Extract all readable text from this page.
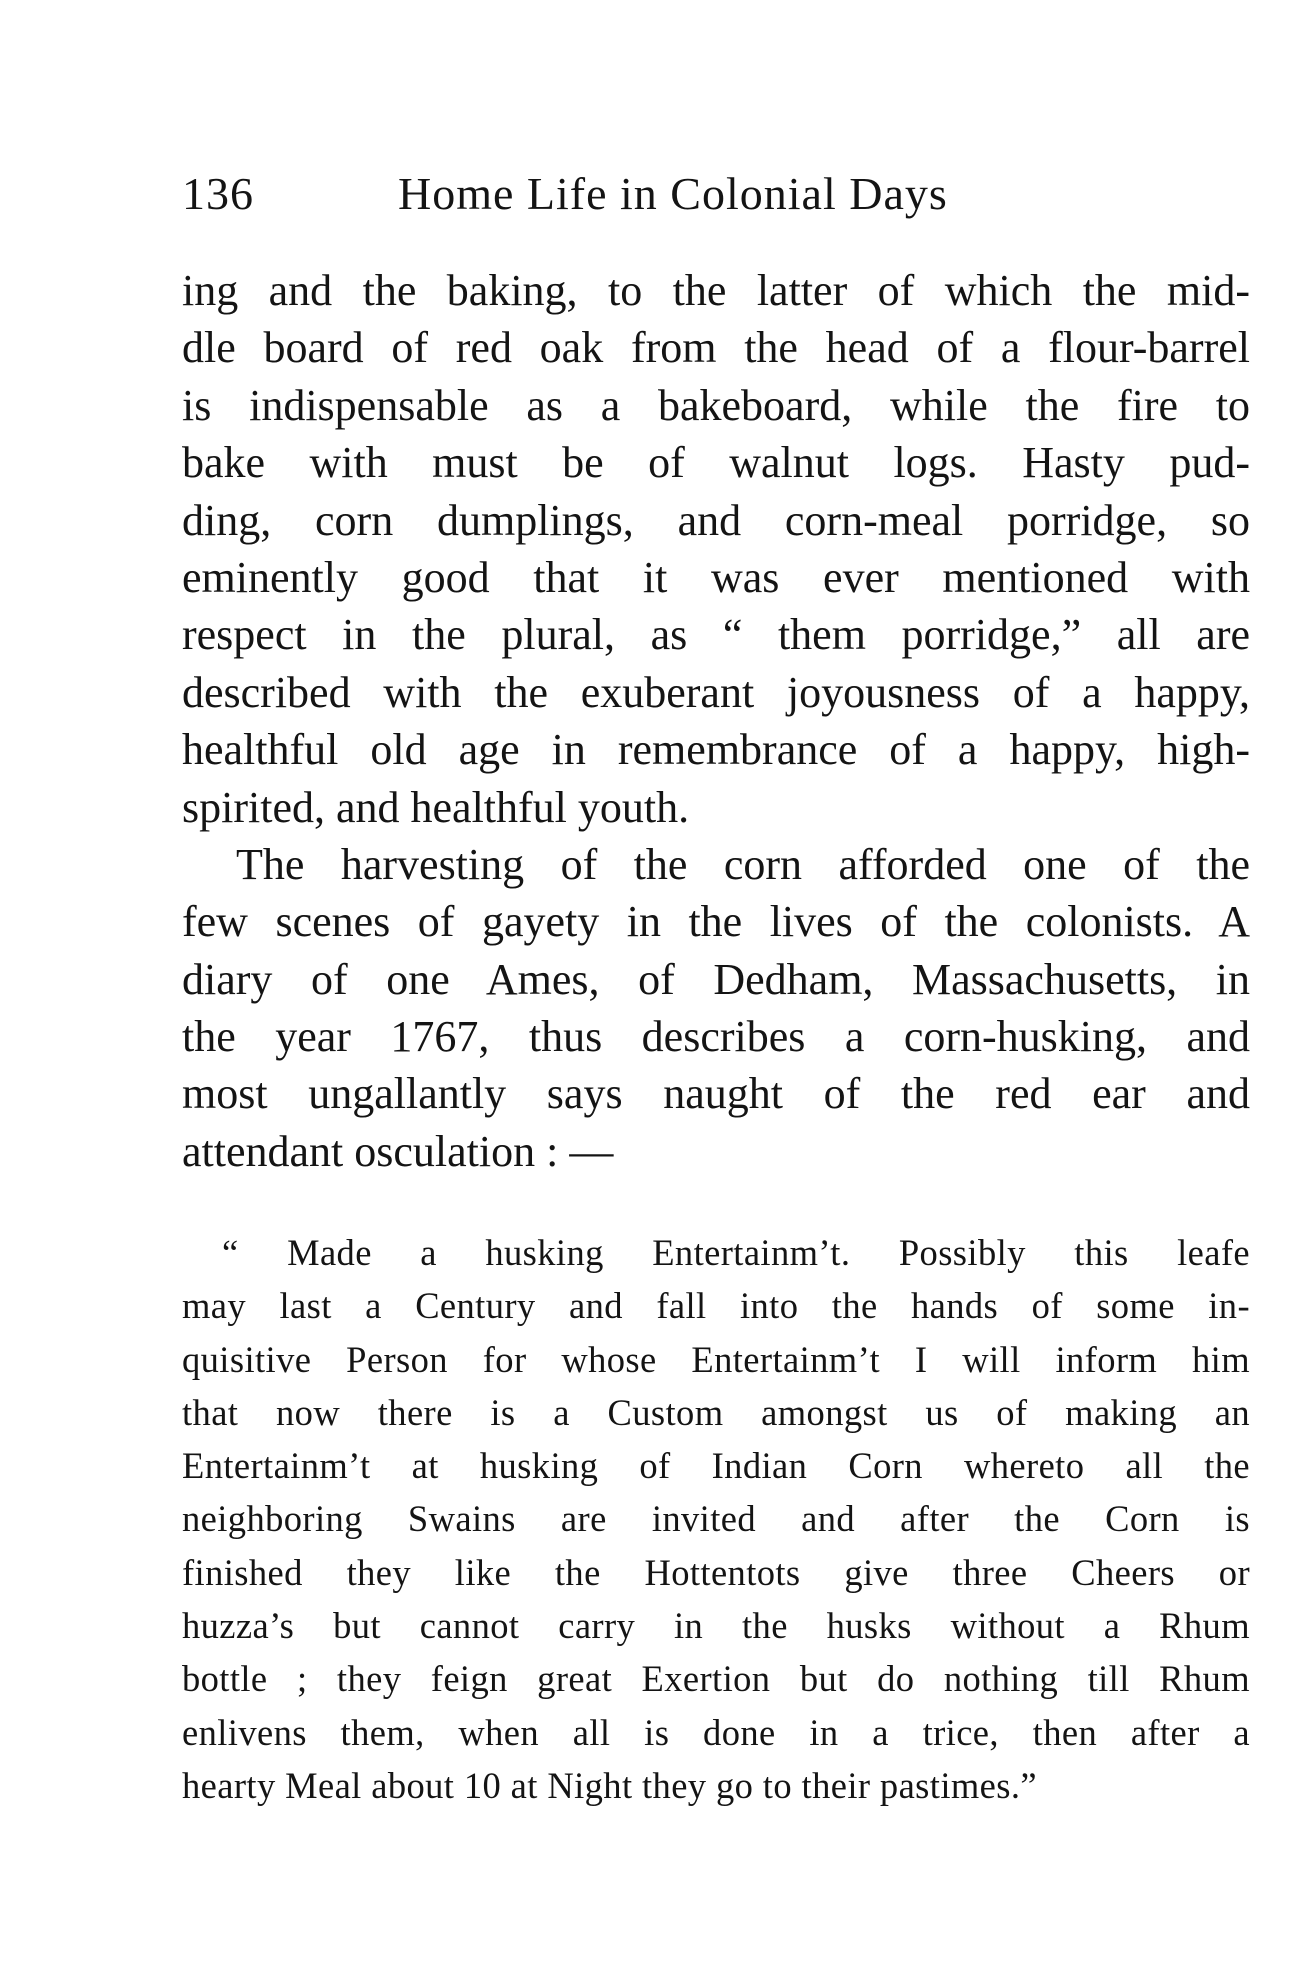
136	Home Life in Colonial Days
ing and the baking, to the latter of which the mid-
dle board of red oak from the head of a flour-barrel
is indispensable as a bakeboard, while the fire to
bake with must be of walnut logs. Hasty pud-
ding, corn dumplings, and corn-meal porridge, so
eminently good that it was ever mentioned with
respect in the plural, as “ them porridge,” all are
described with the exuberant joyousness of a happy,
healthful old age in remembrance of a happy, high-
spirited, and healthful youth.
The harvesting of the corn afforded one of the
few scenes of gayety in the lives of the colonists. A
diary of one Ames, of Dedham, Massachusetts, in
the year 1767, thus describes a corn-husking, and
most ungallantly says naught of the red ear and
attendant osculation : —
“ Made a husking Entertainm’t. Possibly this leafe
may last a Century and fall into the hands of some in-
quisitive Person for whose Entertainm’t I will inform him
that now there is a Custom amongst us of making an
Entertainm’t at husking of Indian Corn whereto all the
neighboring Swains are invited and after the Corn is
finished they like the Hottentots give three Cheers or
huzza’s but cannot carry in the husks without a Rhum
bottle ; they feign great Exertion but do nothing till Rhum
enlivens them, when all is done in a trice, then after a
hearty Meal about 10 at Night they go to their pastimes.”
